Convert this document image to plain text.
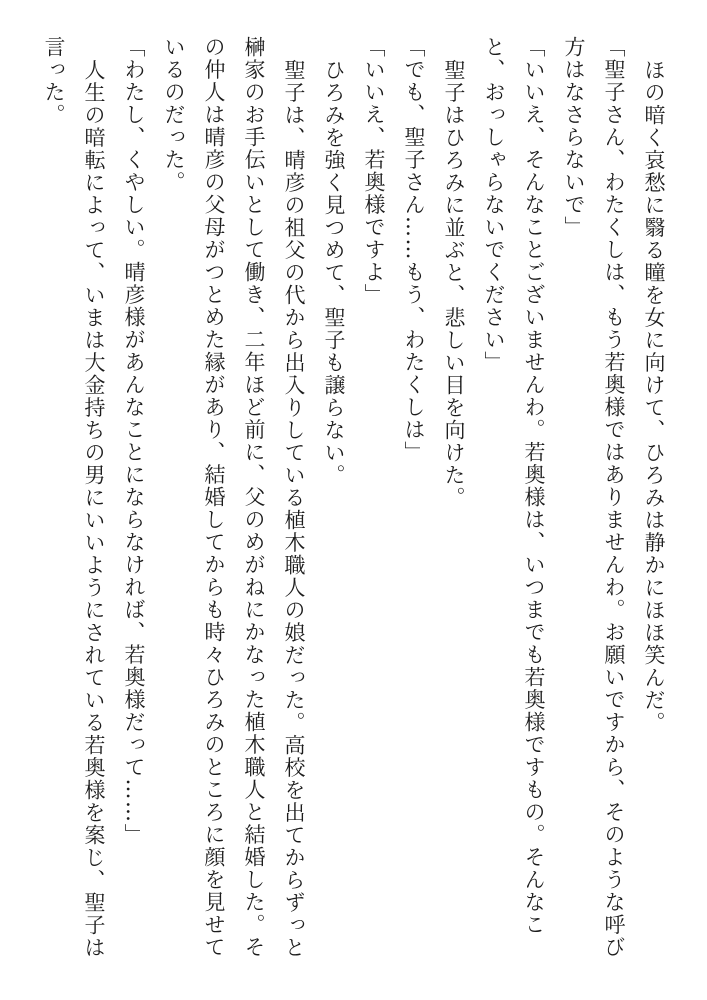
ほの暗く哀愁に翳る瞳を女に向けて、ひろみは静かにほほ笑んだ。

「聖子さん、わたくしは、もう若奥様ではありませんわ。お願いですから、そのような呼び

方はなさらないで」

「いいえ、そんなことございませんわ。若奥様は、いつまでも若奥様ですもの。そんなこ

と、おっしゃらないでください」

聖子はひろみに並ぶと、悲しい目を向けた。

「でも、聖子さん……もう、わたくしは」

「いいえ、若奥様ですよ」

ひろみを強く見つめて、聖子も譲らない。

聖子は、晴彦の祖父の代から出入りしている植木職人の娘だった。高校を出てからずっと

榊家のお手伝いとして働き、二年ほど前に、父のめがねにかなった植木職人と結婚した。そ

の仲人は晴彦の父母がつとめた縁があり、結婚してからも時々ひろみのところに顔を見せて

いるのだった。

「わたし、くやしい。晴彦様があんなことにならなければ、若奥様だって……」

人生の暗転によって、いまは大金持ちの男にいいようにされている若奥様を案じ、聖子は

言った。
